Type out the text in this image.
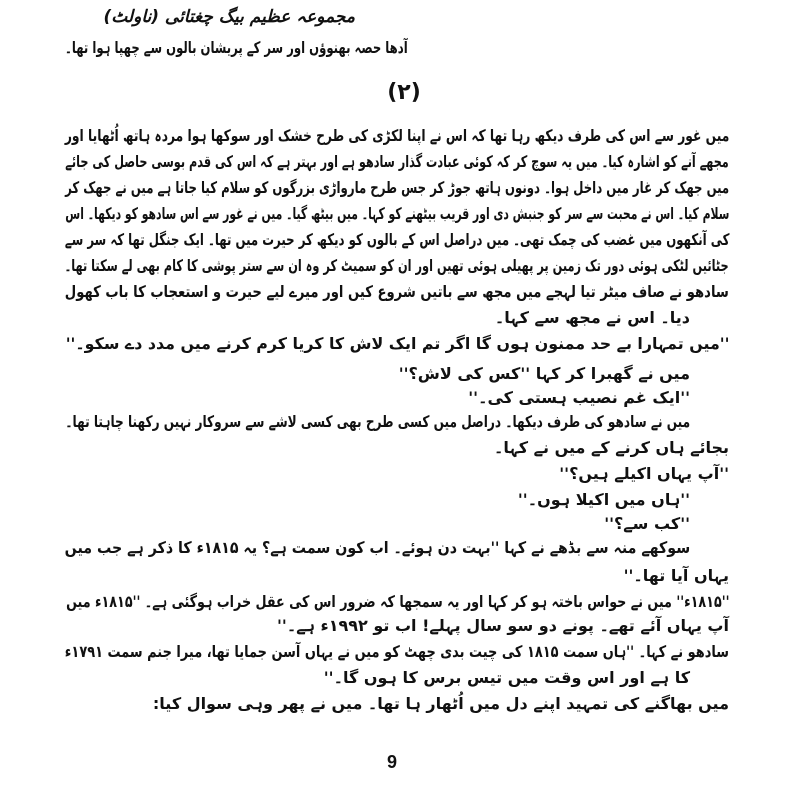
مجموعہ عظیم بیگ چغتائی (ناولٹ)
آدھا حصہ بھنوؤں اور سر کے پریشان بالوں سے چھپا ہوا تھا۔
(۲)
میں غور سے اس کی طرف دیکھ رہا تھا کہ اس نے اپنا لکڑی کی طرح خشک اور سوکھا ہوا مردہ ہاتھ اُٹھایا اور
مجھے آنے کو اشارہ کیا۔ میں یہ سوچ کر کہ کوئی عبادت گذار سادھو ہے اور بہتر ہے کہ اس کی قدم بوسی حاصل کی جائے
میں جھک کر غار میں داخل ہوا۔ دونوں ہاتھ جوڑ کر جس طرح مارواڑی بزرگوں کو سلام کیا جاتا ہے میں نے جھک کر
سلام کیا۔ اس نے محبت سے سر کو جنبش دی اور قریب بیٹھنے کو کہا۔ میں بیٹھ گیا۔ میں نے غور سے اس سادھو کو دیکھا۔ اس
کی آنکھوں میں غضب کی چمک تھی۔ میں دراصل اس کے بالوں کو دیکھ کر حیرت میں تھا۔ ایک جنگل تھا کہ سر سے
جٹائیں لٹکی ہوئی دور تک زمین پر پھیلی ہوئی تھیں اور ان کو سمیٹ کر وہ ان سے ستر پوشی کا کام بھی لے سکتا تھا۔
سادھو نے صاف میٹر تیا لہجے میں مجھ سے باتیں شروع کیں اور میرے لیے حیرت و استعجاب کا باب کھول
دیا۔ اس نے مجھ سے کہا۔
''میں تمہارا بے حد ممنون ہوں گا اگر تم ایک لاش کا کریا کرم کرنے میں مدد دے سکو۔''
میں نے گھبرا کر کہا ''کس کی لاش؟''
''ایک غم نصیب ہستی کی۔''
میں نے سادھو کی طرف دیکھا۔ دراصل میں کسی طرح بھی کسی لاشے سے سروکار نہیں رکھنا چاہتا تھا۔
بجائے ہاں کرنے کے میں نے کہا۔
''آپ یہاں اکیلے ہیں؟''
''ہاں میں اکیلا ہوں۔''
''کب سے؟''
سوکھے منہ سے بڈھے نے کہا ''بہت دن ہوئے۔ اب کون سمت ہے؟ یہ ۱۸۱۵ء کا ذکر ہے جب میں
یہاں آیا تھا۔''
''۱۸۱۵ء'' میں نے حواس باختہ ہو کر کہا اور یہ سمجھا کہ ضرور اس کی عقل خراب ہوگئی ہے۔ ''۱۸۱۵ء میں
آپ یہاں آئے تھے۔ پونے دو سو سال پہلے! اب تو ۱۹۹۲ء ہے۔''
سادھو نے کہا۔ ''ہاں سمت ۱۸۱۵ کی چیت بدی چھٹ کو میں نے یہاں آسن جمایا تھا، میرا جنم سمت ۱۷۹۱ء
کا ہے اور اس وقت میں تیس برس کا ہوں گا۔''
میں بھاگنے کی تمہید اپنے دل میں اُٹھار ہا تھا۔ میں نے پھر وہی سوال کیا:
9
